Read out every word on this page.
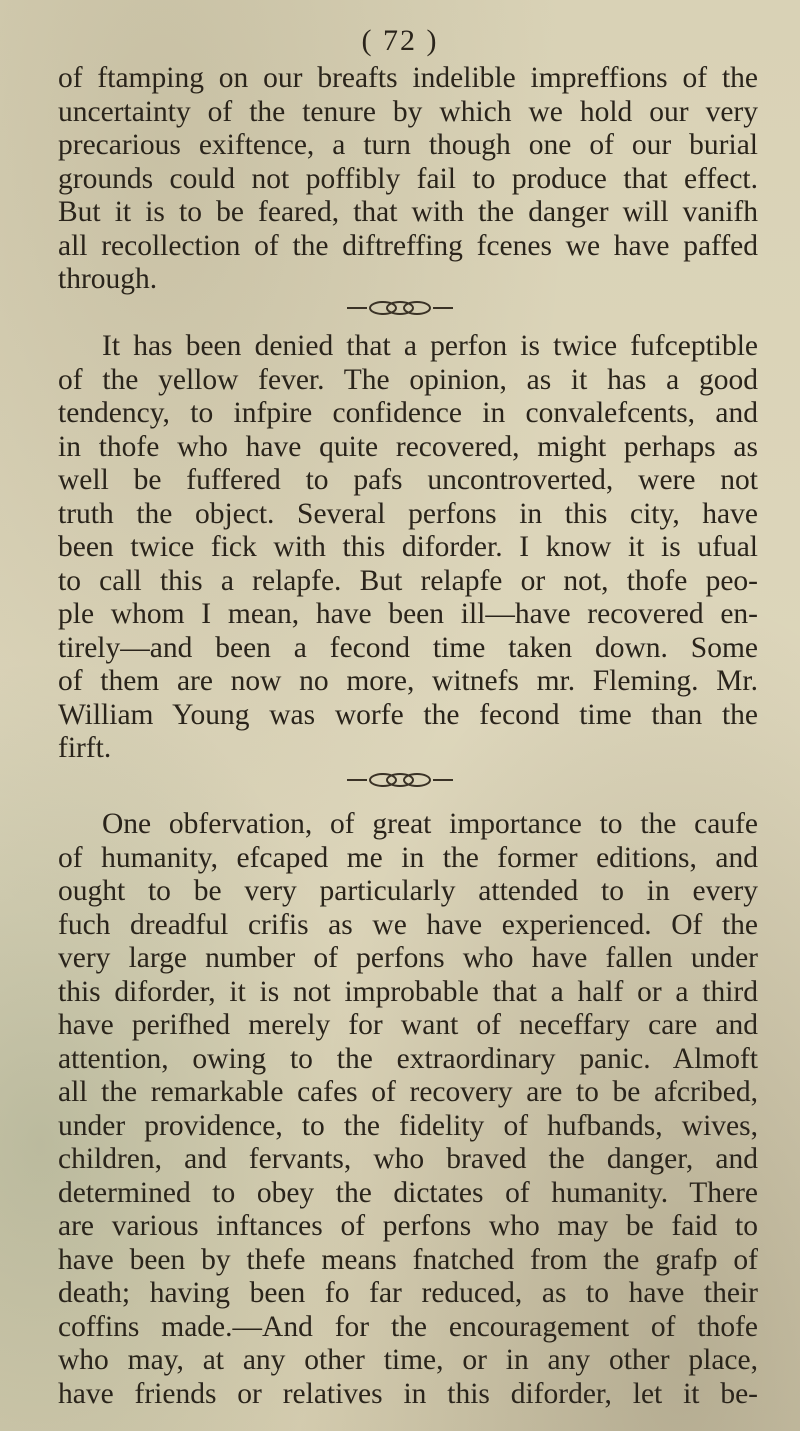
( 72 )
of ftamping on our breafts indelible impreffions of the
uncertainty of the tenure by which we hold our very
precarious exiftence, a turn though one of our burial
grounds could not poffibly fail to produce that effect.
But it is to be feared, that with the danger will vanifh
all recollection of the diftreffing fcenes we have paffed
through.
It has been denied that a perfon is twice fufceptible
of the yellow fever. The opinion, as it has a good
tendency, to infpire confidence in convalefcents, and
in thofe who have quite recovered, might perhaps as
well be fuffered to pafs uncontroverted, were not
truth the object. Several perfons in this city, have
been twice fick with this diforder. I know it is ufual
to call this a relapfe. But relapfe or not, thofe peo-
ple whom I mean, have been ill—have recovered en-
tirely—and been a fecond time taken down. Some
of them are now no more, witnefs mr. Fleming. Mr.
William Young was worfe the fecond time than the
firft.
One obfervation, of great importance to the caufe
of humanity, efcaped me in the former editions, and
ought to be very particularly attended to in every
fuch dreadful crifis as we have experienced. Of the
very large number of perfons who have fallen under
this diforder, it is not improbable that a half or a third
have perifhed merely for want of neceffary care and
attention, owing to the extraordinary panic. Almoft
all the remarkable cafes of recovery are to be afcribed,
under providence, to the fidelity of hufbands, wives,
children, and fervants, who braved the danger, and
determined to obey the dictates of humanity. There
are various inftances of perfons who may be faid to
have been by thefe means fnatched from the grafp of
death; having been fo far reduced, as to have their
coffins made.—And for the encouragement of thofe
who may, at any other time, or in any other place,
have friends or relatives in this diforder, let it be-
